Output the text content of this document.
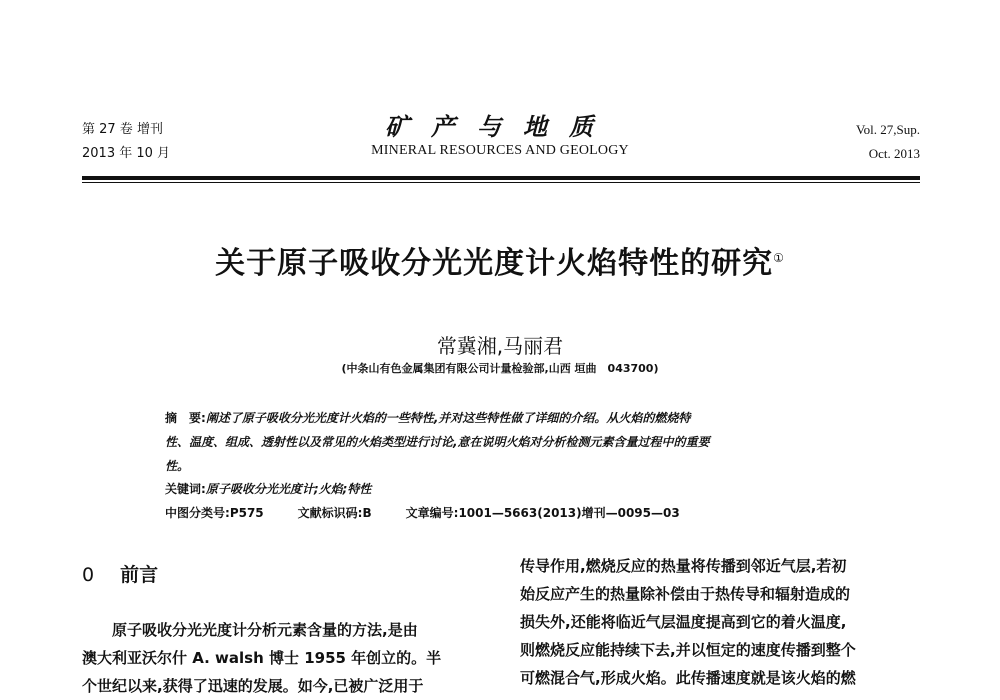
第 27 卷 增刊
2013 年 10 月
矿产与地质
MINERAL RESOURCES AND GEOLOGY
Vol. 27,Sup.
Oct. 2013
关于原子吸收分光光度计火焰特性的研究①
常冀湘,马丽君
(中条山有色金属集团有限公司计量检验部,山西 垣曲　043700)
摘　要:阐述了原子吸收分光光度计火焰的一些特性,并对这些特性做了详细的介绍。从火焰的燃烧特
性、温度、组成、透射性以及常见的火焰类型进行讨论,意在说明火焰对分析检测元素含量过程中的重要
性。
关键词:原子吸收分光光度计;火焰;特性
中图分类号:P575	文献标识码:B	文章编号:1001—5663(2013)增刊—0095—03
0 前言
原子吸收分光光度计分析元素含量的方法,是由
澳大利亚沃尔什 A. walsh 博士 1955 年创立的。半
个世纪以来,获得了迅速的发展。如今,已被广泛用于
传导作用,燃烧反应的热量将传播到邻近气层,若初
始反应产生的热量除补偿由于热传导和辐射造成的
损失外,还能将临近气层温度提高到它的着火温度,
则燃烧反应能持续下去,并以恒定的速度传播到整个
可燃混合气,形成火焰。此传播速度就是该火焰的燃
